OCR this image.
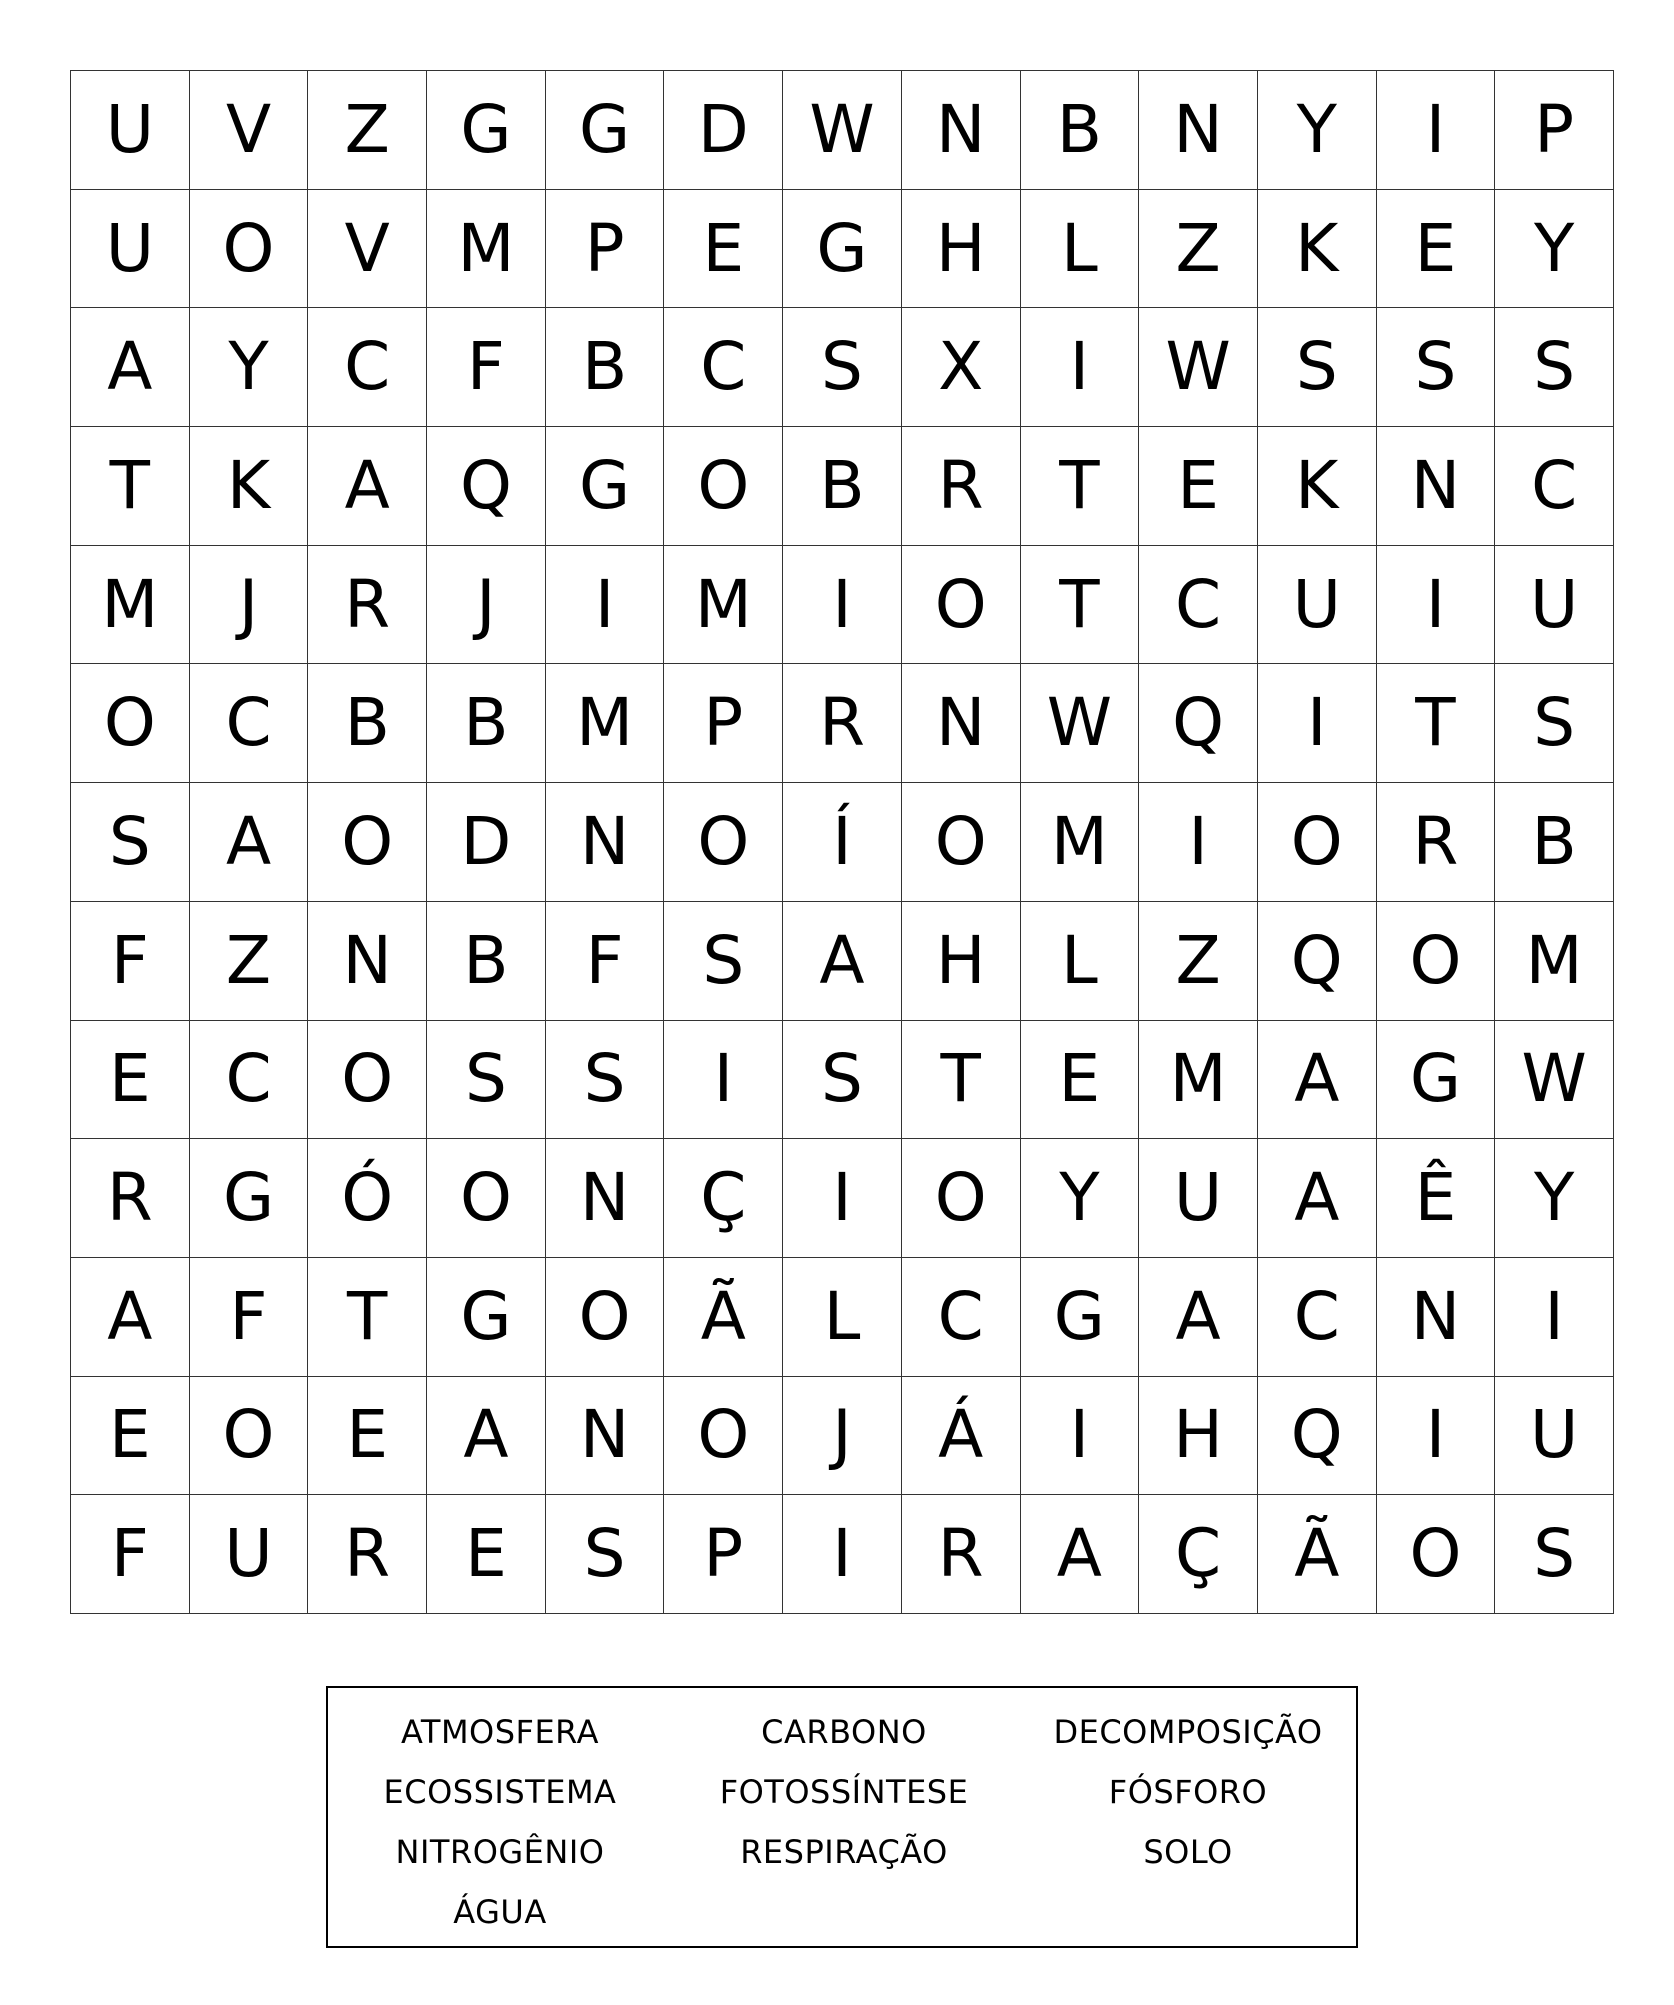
U	V	Z	G	G	D W N	B	N	Y	I	P
U	O	V	M	P	E	G	H	L	Z	K	E	Y
A	Y	C	F	B	C	S	X	I	W S	S	S
T	K	A	Q	G	O	B	R	T	E	K	N	C
M	J	R	J	I	M	I	O	T	C	U	I	U
O	C	B	B	M	P	R	N W Q	I	T	S
S	A	O	D	N	O	Í	O M	I	O	R	B
F	Z	N	B	F	S	A	H	L	Z	Q	O M
E	C	O	S	S	I	S	T	E	M	A	G W
R	G	Ó	O	N	Ç	I	O	Y	U	A	Ê	Y
A	F	T	G	O	Ã	L	C	G	A	C	N	I
E	O	E	A	N	O	J	Á	I	H	Q	I	U
F	U	R	E	S	P	I	R	A	Ç	Ã	O	S
ATMOSFERA
ECOSSISTEMA
NITROGÊNIO
ÁGUA
CARBONO
FOTOSSÍNTESE
RESPIRAÇÃO
DECOMPOSIÇÃO
FÓSFORO
SOLO
